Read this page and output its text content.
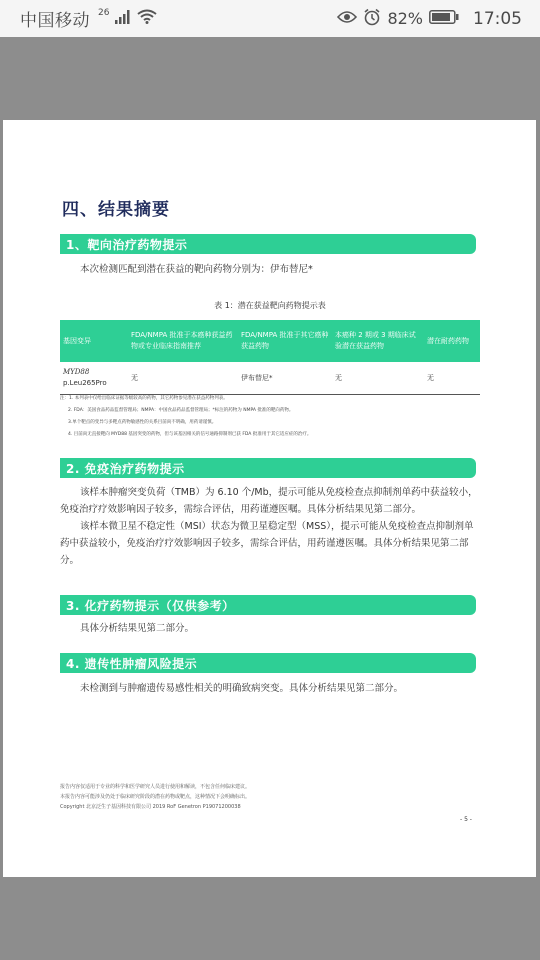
中国移动 26	82%	17:05
四、结果摘要
1、靶向治疗药物提示

本次检测匹配到潜在获益的靶向药物分别为：伊布替尼*

表 1：潜在获益靶向药物提示表
基因变异	FDA/NMPA 批准于本癌种获益药物或专业临床指南推荐	FDA/NMPA 批准于其它癌种获益药物	本癌种 2 期或 3 期临床试验潜在获益药物	潜在耐药药物
MYD88
p.Leu265Pro	无	伊布替尼*	无	无
注：1. 本列表中仅给出临床证据等级较高的药物，其它药物参见潜在获益药物列表。
2. FDA：美国食品药品监督管理局；NMPA：中国食品药品监督管理局；*标注的药物为 NMPA 批准的靶向药物。
3.单个靶点的变异与多靶点药物敏感性的关系目前尚不明确，用药请谨慎。
4. 目前尚无直接靶向 MYD88 基因突变的药物，但与该基因相关的信号通路抑制剂已获 FDA 批准用于其它适应症的治疗。
2. 免疫治疗药物提示

该样本肿瘤突变负荷（TMB）为 6.10 个/Mb，提示可能从免疫检查点抑制剂单药中获益较小，免疫治疗疗效影响因子较多，需综合评估，用药谨遵医嘱。具体分析结果见第二部分。

该样本微卫星不稳定性（MSI）状态为微卫星稳定型（MSS），提示可能从免疫检查点抑制剂单药中获益较小，免疫治疗疗效影响因子较多，需综合评估，用药谨遵医嘱。具体分析结果见第二部分。

3. 化疗药物提示（仅供参考）

具体分析结果见第二部分。

4. 遗传性肿瘤风险提示

未检测到与肿瘤遗传易感性相关的明确致病突变。具体分析结果见第二部分。

报告内容仅适用于专业的科学和医学研究人员进行使用和解读，不包含任何临床建议。
本报告内容可能涉及仍处于临床研究阶段的潜在药物或靶点，这种情况下会明确标出。
Copyright 北京泛生子基因科技有限公司 2019 RoF Genetron P19071200038
- 5 -
